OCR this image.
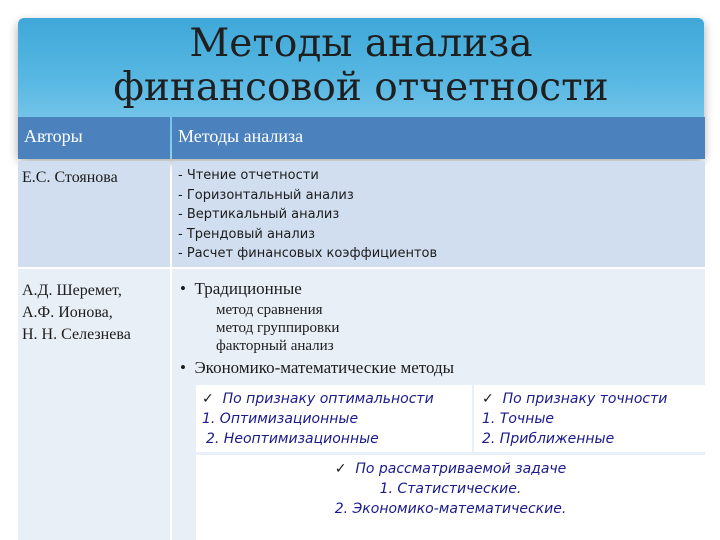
Методы анализа
финансовой отчетности
Авторы	Методы анализа
Е.С. Стоянова	- Чтение отчетности
- Горизонтальный анализ
- Вертикальный анализ
- Трендовый анализ
- Расчет финансовых коэффициентов
А.Д. Шеремет,
А.Ф. Ионова,
Н. Н. Селезнева
• Традиционные
метод сравнения
метод группировки
факторный анализ
• Экономико-математические методы
✓ По признаку оптимальности
1. Оптимизационные
2. Неоптимизационные
✓ По признаку точности
1. Точные
2. Приближенные
✓ По рассматриваемой задаче
1. Статистические.
2. Экономико-математические.
